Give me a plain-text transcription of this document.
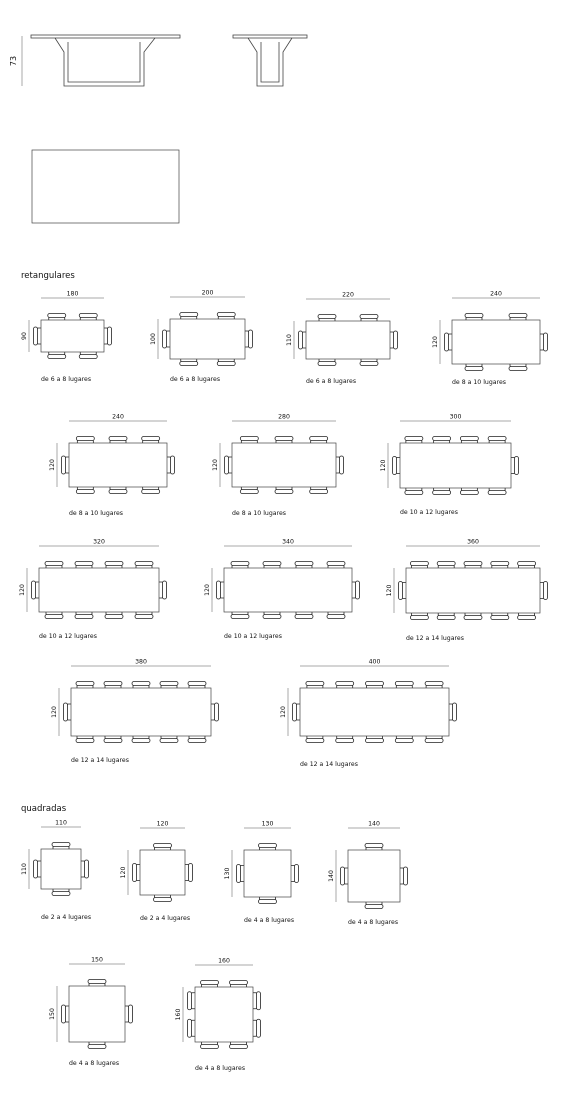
73
retangulares
quadradas
180
90
de 6 a 8 lugares
200
100
de 6 a 8 lugares
220
110
de 6 a 8 lugares
240
120
de 8 a 10 lugares
240
120
de 8 a 10 lugares
280
120
de 8 a 10 lugares
300
120
de 10 a 12 lugares
320
120
de 10 a 12 lugares
340
120
de 10 a 12 lugares
360
120
de 12 a 14 lugares
380
120
de 12 a 14 lugares
400
120
de 12 a 14 lugares
110
110
de 2 a 4 lugares
120
120
de 2 a 4 lugares
130
130
de 4 a 8 lugares
140
140
de 4 a 8 lugares
150
150
de 4 a 8 lugares
160
160
de 4 a 8 lugares
